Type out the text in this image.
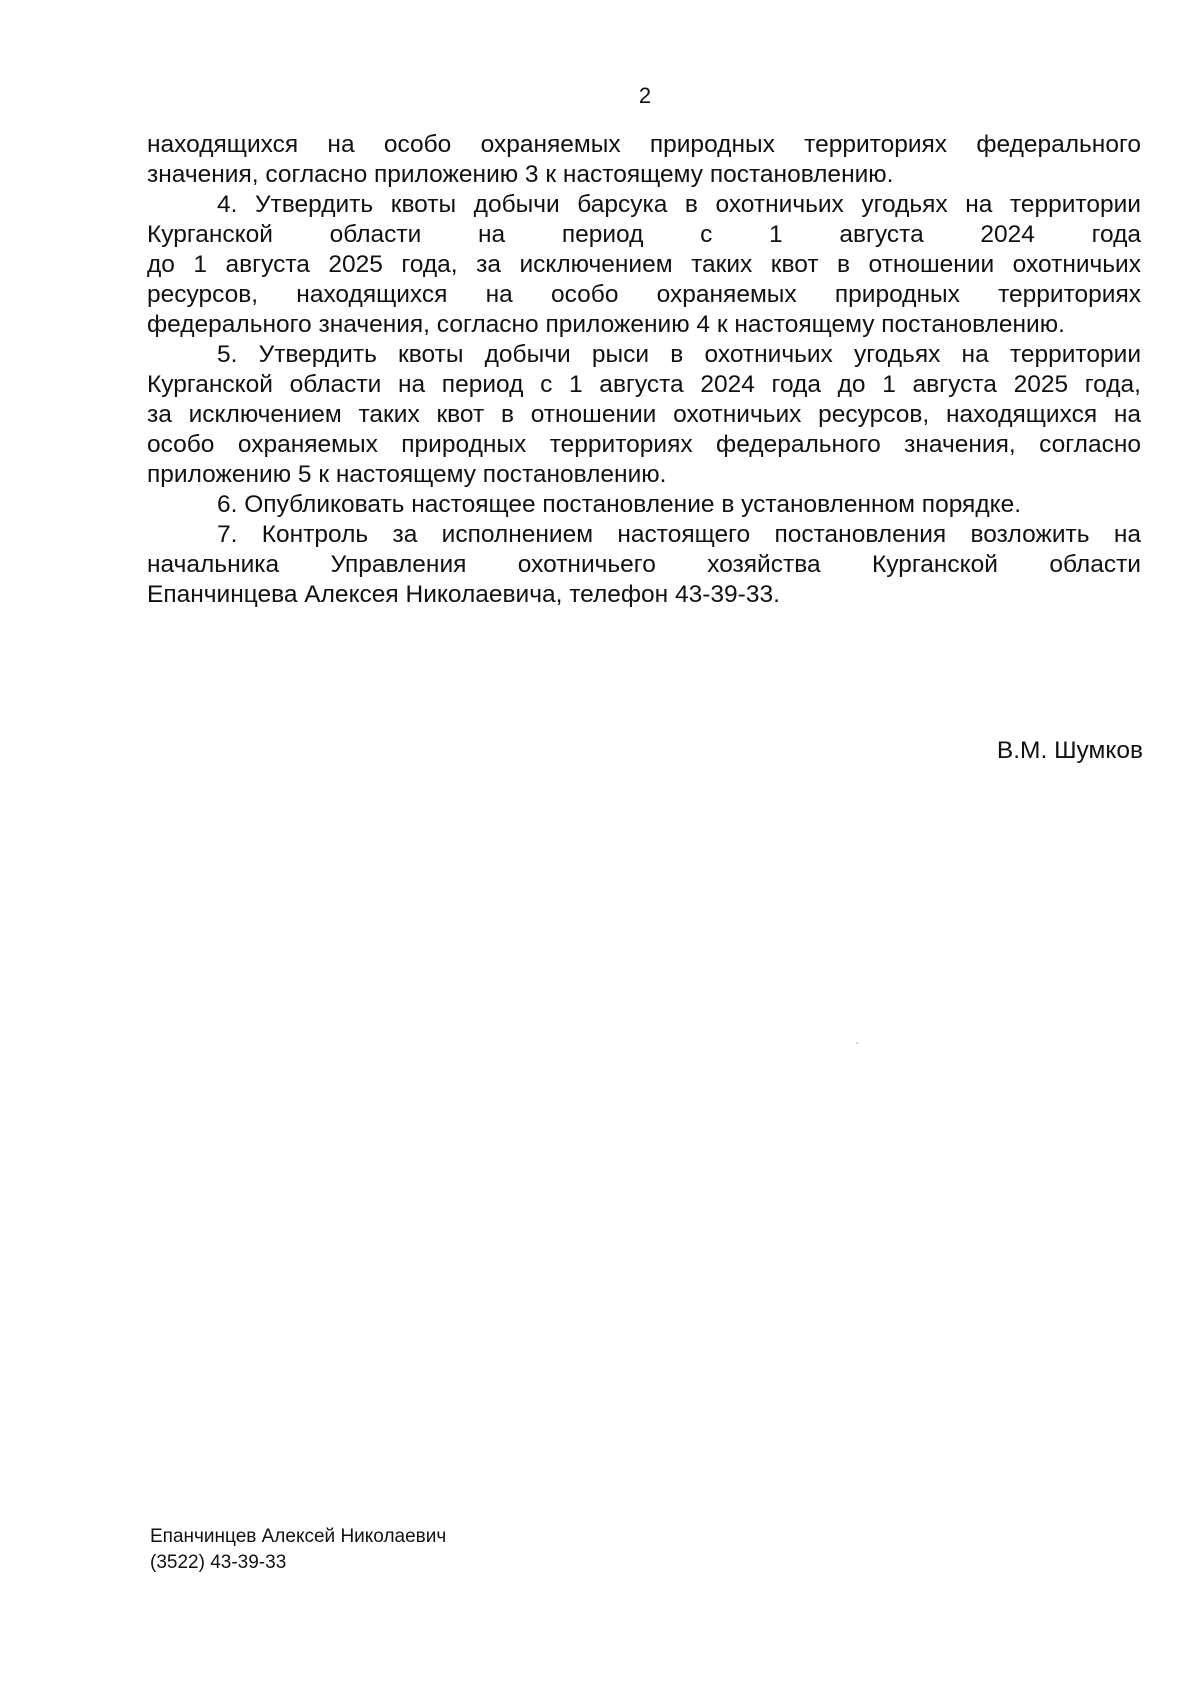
2

находящихся на особо охраняемых природных территориях федерального
значения, согласно приложению 3 к настоящему постановлению.

4. Утвердить квоты добычи барсука в охотничьих угодьях на территории
Курганской области на период с 1 августа 2024 года
до 1 августа 2025 года, за исключением таких квот в отношении охотничьих
ресурсов, находящихся на особо охраняемых природных территориях
федерального значения, согласно приложению 4 к настоящему постановлению.

5. Утвердить квоты добычи рыси в охотничьих угодьях на территории
Курганской области на период с 1 августа 2024 года до 1 августа 2025 года,
за исключением таких квот в отношении охотничьих ресурсов, находящихся на
особо охраняемых природных территориях федерального значения, согласно
приложению 5 к настоящему постановлению.

6. Опубликовать настоящее постановление в установленном порядке.

7. Контроль за исполнением настоящего постановления возложить на
начальника Управления охотничьего хозяйства Курганской области
Епанчинцева Алексея Николаевича, телефон 43-39-33.

В.М. Шумков
Епанчинцев Алексей Николаевич
(3522) 43-39-33
